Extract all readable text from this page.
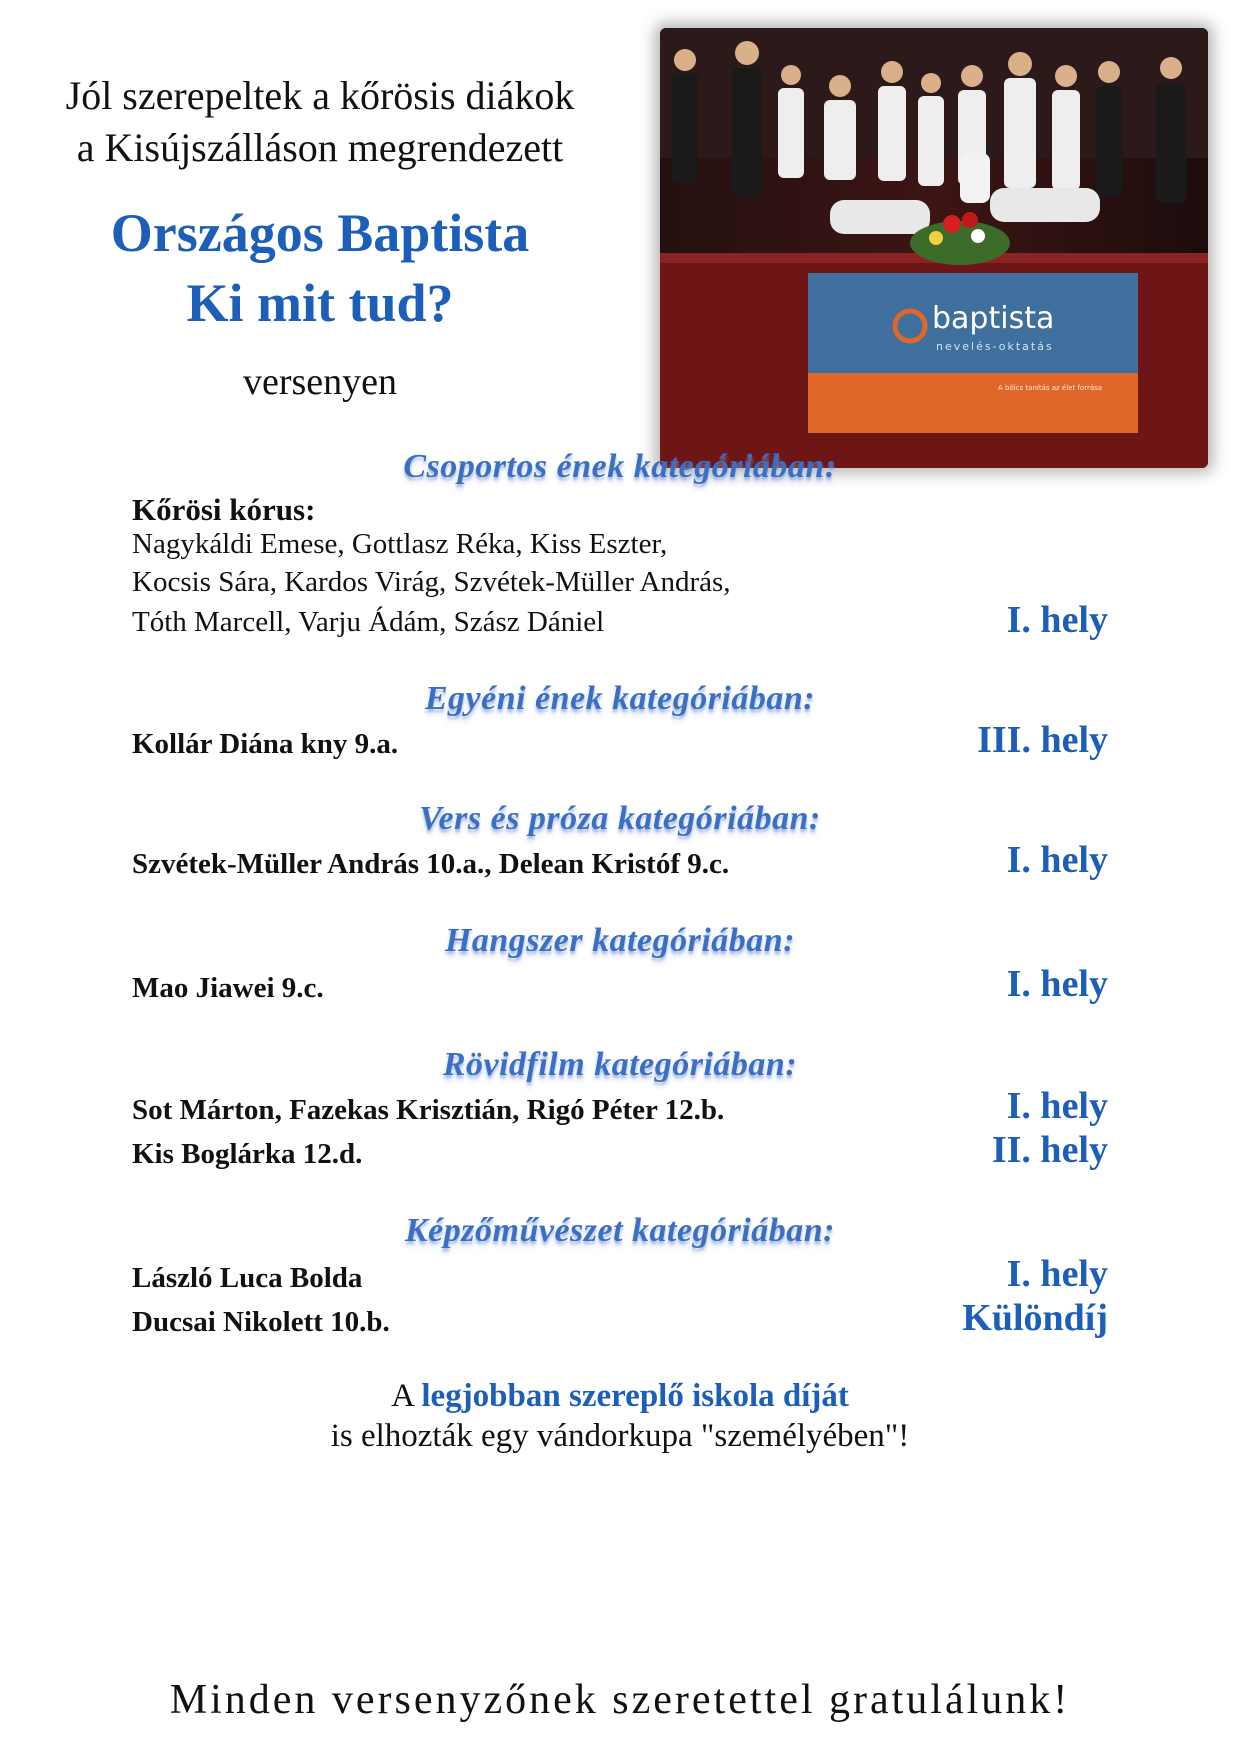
Jól szerepeltek a kőrösis diákok
a Kisújszálláson megrendezett
Országos Baptista
Ki mit tud?
versenyen
baptista
nevelés-oktatás
A bölcs tanítás az élet forrása
Csoportos ének kategóriában:
Kőrösi kórus:
Nagykáldi Emese, Gottlasz Réka, Kiss Eszter,
Kocsis Sára, Kardos Virág, Szvétek-Müller András,
Tóth Marcell, Varju Ádám, Szász Dániel	I. hely
Egyéni ének kategóriában:
Kollár Diána kny 9.a.	III. hely
Vers és próza kategóriában:
Szvétek-Müller András 10.a., Delean Kristóf 9.c.	I. hely
Hangszer kategóriában:
Mao Jiawei 9.c.	I. hely
Rövidfilm kategóriában:
Sot Márton, Fazekas Krisztián, Rigó Péter 12.b.	I. hely
Kis Boglárka 12.d.	II. hely
Képzőművészet kategóriában:
László Luca Bolda	I. hely
Ducsai Nikolett 10.b.	Különdíj
A legjobban szereplő iskola díját
is elhozták egy vándorkupa "személyében"!
Minden versenyzőnek szeretettel gratulálunk!
